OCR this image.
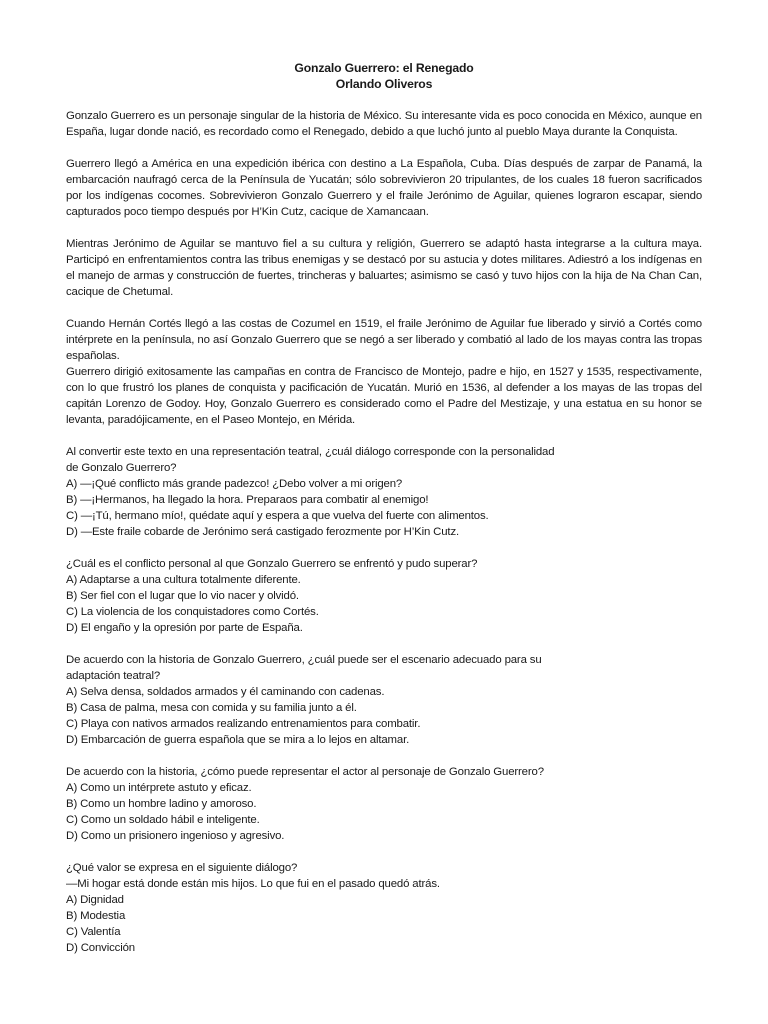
Gonzalo Guerrero: el Renegado
Orlando Oliveros

Gonzalo Guerrero es un personaje singular de la historia de México. Su interesante vida es poco conocida en México, aunque en España, lugar donde nació, es recordado como el Renegado, debido a que luchó junto al pueblo Maya durante la Conquista.

Guerrero llegó a América en una expedición ibérica con destino a La Española, Cuba. Días después de zarpar de Panamá, la embarcación naufragó cerca de la Península de Yucatán; sólo sobrevivieron 20 tripulantes, de los cuales 18 fueron sacrificados por los indígenas cocomes. Sobrevivieron Gonzalo Guerrero y el fraile Jerónimo de Aguilar, quienes lograron escapar, siendo capturados poco tiempo después por H’Kin Cutz, cacique de Xamancaan.

Mientras Jerónimo de Aguilar se mantuvo fiel a su cultura y religión, Guerrero se adaptó hasta integrarse a la cultura maya. Participó en enfrentamientos contra las tribus enemigas y se destacó por su astucia y dotes militares. Adiestró a los indígenas en el manejo de armas y construcción de fuertes, trincheras y baluartes; asimismo se casó y tuvo hijos con la hija de Na Chan Can, cacique de Chetumal.

Cuando Hernán Cortés llegó a las costas de Cozumel en 1519, el fraile Jerónimo de Aguilar fue liberado y sirvió a Cortés como intérprete en la península, no así Gonzalo Guerrero que se negó a ser liberado y combatió al lado de los mayas contra las tropas españolas.

Guerrero dirigió exitosamente las campañas en contra de Francisco de Montejo, padre e hijo, en 1527 y 1535, respectivamente, con lo que frustró los planes de conquista y pacificación de Yucatán. Murió en 1536, al defender a los mayas de las tropas del capitán Lorenzo de Godoy. Hoy, Gonzalo Guerrero es considerado como el Padre del Mestizaje, y una estatua en su honor se levanta, paradójicamente, en el Paseo Montejo, en Mérida.

Al convertir este texto en una representación teatral, ¿cuál diálogo corresponde con la personalidad
de Gonzalo Guerrero?
A) —¡Qué conflicto más grande padezco! ¿Debo volver a mi origen?
B) —¡Hermanos, ha llegado la hora. Preparaos para combatir al enemigo!
C) —¡Tú, hermano mío!, quédate aquí y espera a que vuelva del fuerte con alimentos.
D) —Este fraile cobarde de Jerónimo será castigado ferozmente por H’Kin Cutz.
¿Cuál es el conflicto personal al que Gonzalo Guerrero se enfrentó y pudo superar?
A) Adaptarse a una cultura totalmente diferente.
B) Ser fiel con el lugar que lo vio nacer y olvidó.
C) La violencia de los conquistadores como Cortés.
D) El engaño y la opresión por parte de España.
De acuerdo con la historia de Gonzalo Guerrero, ¿cuál puede ser el escenario adecuado para su
adaptación teatral?
A) Selva densa, soldados armados y él caminando con cadenas.
B) Casa de palma, mesa con comida y su familia junto a él.
C) Playa con nativos armados realizando entrenamientos para combatir.
D) Embarcación de guerra española que se mira a lo lejos en altamar.
De acuerdo con la historia, ¿cómo puede representar el actor al personaje de Gonzalo Guerrero?
A) Como un intérprete astuto y eficaz.
B) Como un hombre ladino y amoroso.
C) Como un soldado hábil e inteligente.
D) Como un prisionero ingenioso y agresivo.
¿Qué valor se expresa en el siguiente diálogo?
—Mi hogar está donde están mis hijos. Lo que fui en el pasado quedó atrás.
A) Dignidad
B) Modestia
C) Valentía
D) Convicción
